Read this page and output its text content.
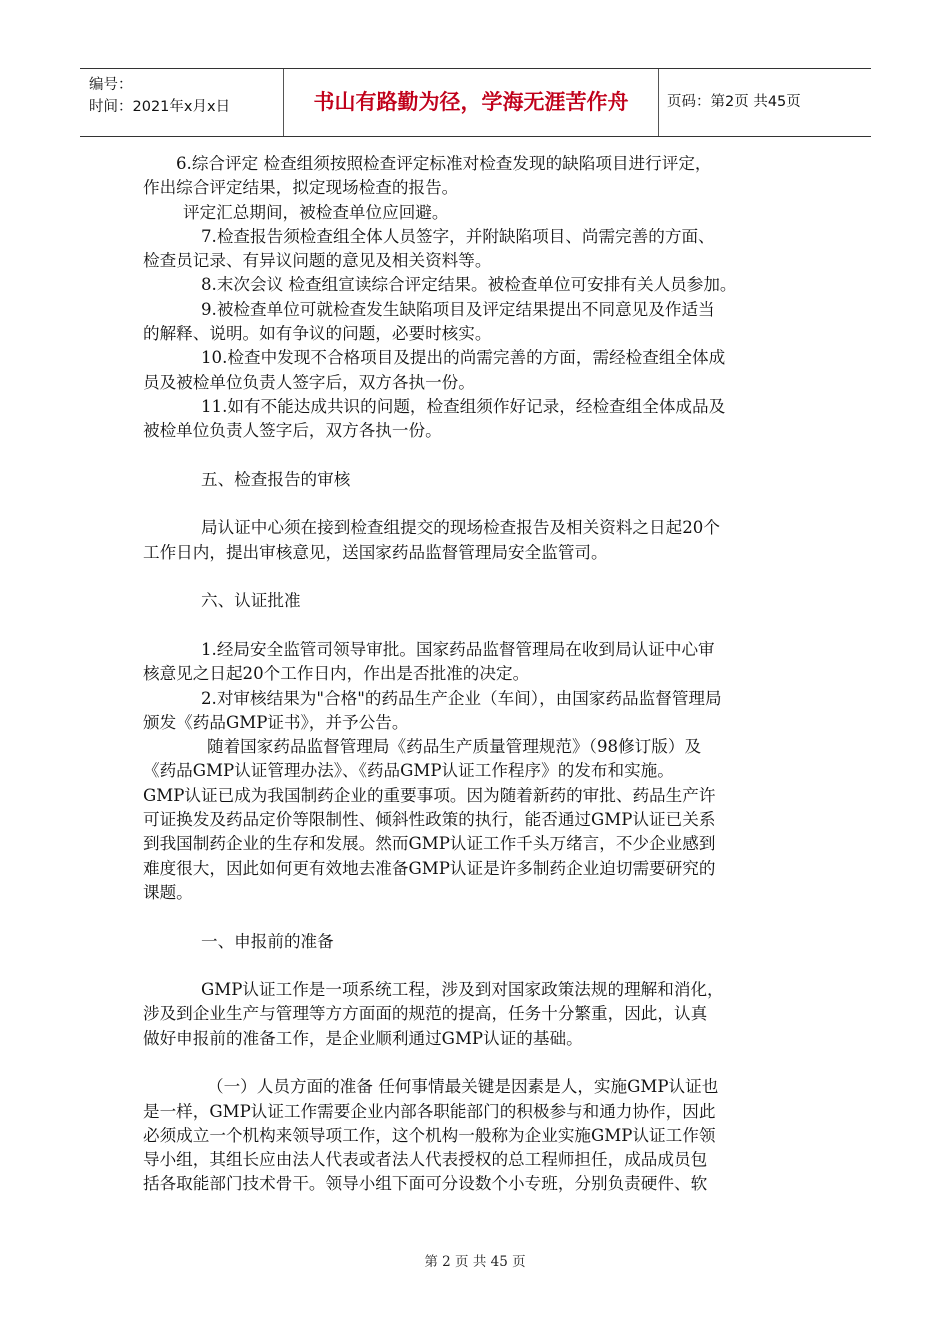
编号：
时间：2021年x月x日	书山有路勤为径，学海无涯苦作舟	页码：第2页 共45页

6.综合评定 检查组须按照检查评定标准对检查发现的缺陷项目进行评定，

作出综合评定结果，拟定现场检查的报告。

评定汇总期间，被检查单位应回避。

7.检查报告须检查组全体人员签字，并附缺陷项目、尚需完善的方面、

检查员记录、有异议问题的意见及相关资料等。

8.末次会议 检查组宣读综合评定结果。被检查单位可安排有关人员参加。

9.被检查单位可就检查发生缺陷项目及评定结果提出不同意见及作适当

的解释、说明。如有争议的问题，必要时核实。

10.检查中发现不合格项目及提出的尚需完善的方面，需经检查组全体成

员及被检单位负责人签字后，双方各执一份。

11.如有不能达成共识的问题，检查组须作好记录，经检查组全体成品及

被检单位负责人签字后，双方各执一份。

五、检查报告的审核

局认证中心须在接到检查组提交的现场检查报告及相关资料之日起20个

工作日内，提出审核意见，送国家药品监督管理局安全监管司。

六、认证批准

1.经局安全监管司领导审批。国家药品监督管理局在收到局认证中心审

核意见之日起20个工作日内，作出是否批准的决定。

2.对审核结果为"合格"的药品生产企业（车间），由国家药品监督管理局

颁发《药品GMP证书》，并予公告。

随着国家药品监督管理局《药品生产质量管理规范》（98修订版）及

《药品GMP认证管理办法》、《药品GMP认证工作程序》的发布和实施。

GMP认证已成为我国制药企业的重要事项。因为随着新药的审批、药品生产许

可证换发及药品定价等限制性、倾斜性政策的执行，能否通过GMP认证已关系

到我国制药企业的生存和发展。然而GMP认证工作千头万绪言，不少企业感到

难度很大，因此如何更有效地去准备GMP认证是许多制药企业迫切需要研究的

课题。

一、申报前的准备

GMP认证工作是一项系统工程，涉及到对国家政策法规的理解和消化，

涉及到企业生产与管理等方方面面的规范的提高，任务十分繁重，因此，认真

做好申报前的准备工作，是企业顺利通过GMP认证的基础。

（一）人员方面的准备 任何事情最关键是因素是人，实施GMP认证也

是一样，GMP认证工作需要企业内部各职能部门的积极参与和通力协作，因此

必须成立一个机构来领导项工作，这个机构一般称为企业实施GMP认证工作领

导小组，其组长应由法人代表或者法人代表授权的总工程师担任，成品成员包

括各取能部门技术骨干。领导小组下面可分设数个小专班，分别负责硬件、软

第 2 页 共 45 页
